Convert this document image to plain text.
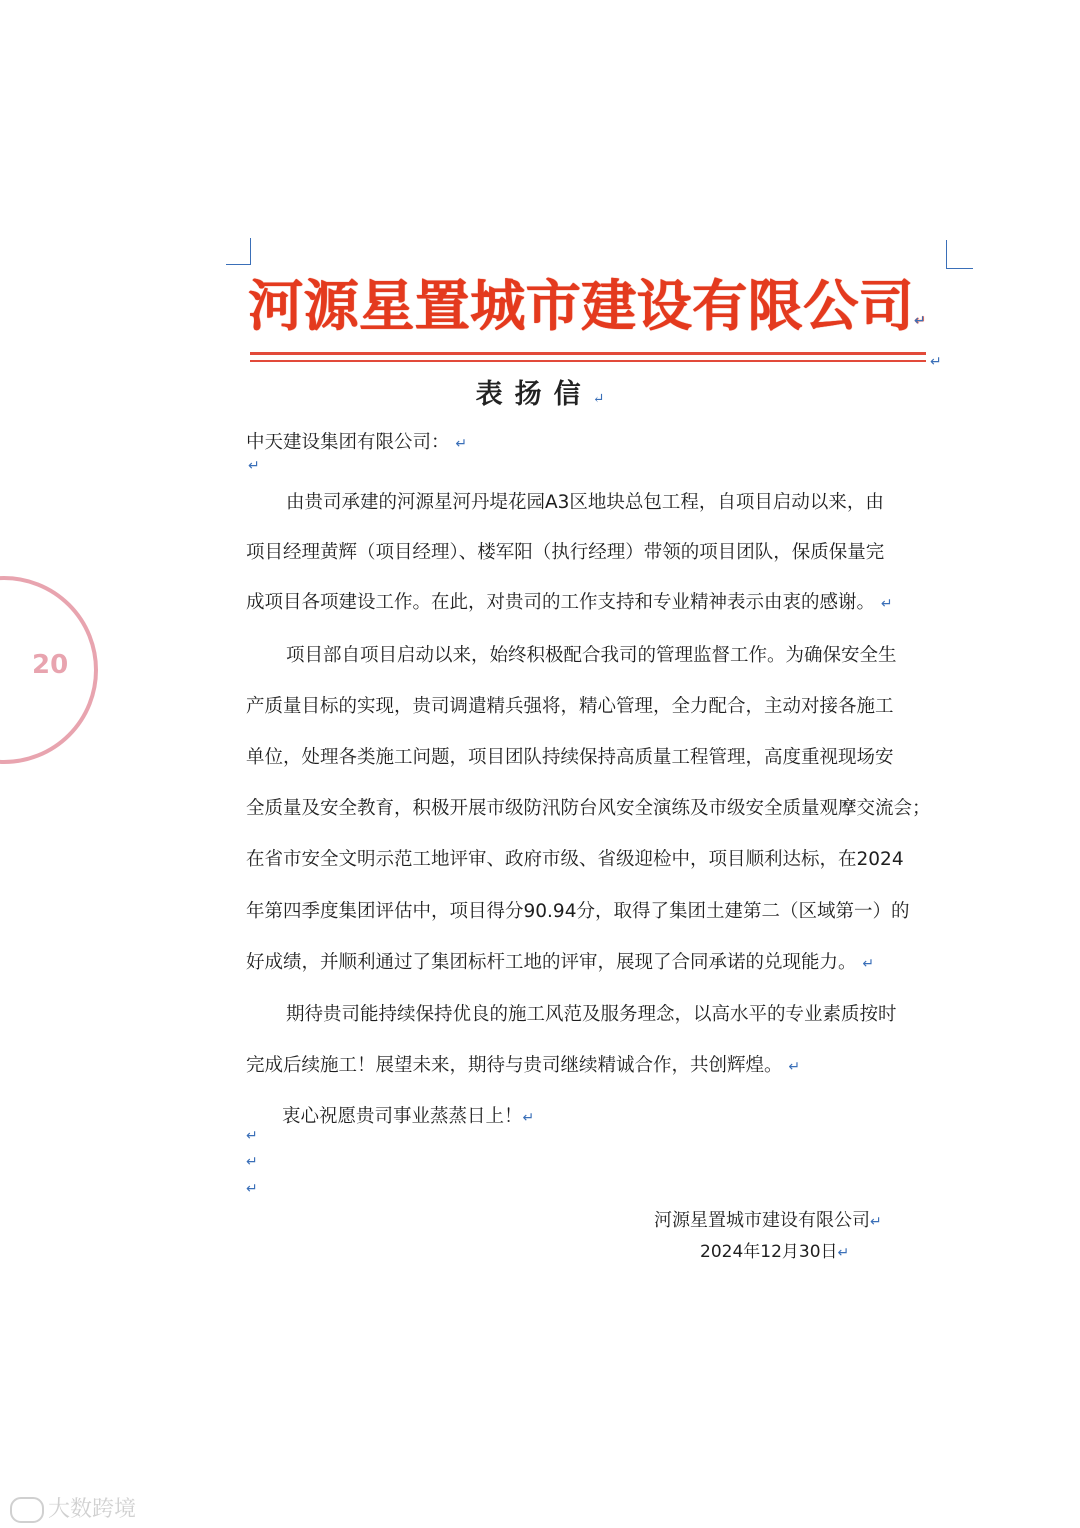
河源星置城市建设有限公司↵
↵
表扬信↵
中天建设集团有限公司： ↵
↵
由贵司承建的河源星河丹堤花园A3区地块总包工程，自项目启动以来，由
项目经理黄辉（项目经理）、楼军阳（执行经理）带领的项目团队，保质保量完
成项目各项建设工作。在此，对贵司的工作支持和专业精神表示由衷的感谢。 ↵
项目部自项目启动以来，始终积极配合我司的管理监督工作。为确保安全生
产质量目标的实现，贵司调遣精兵强将，精心管理，全力配合，主动对接各施工
单位，处理各类施工问题，项目团队持续保持高质量工程管理，高度重视现场安
全质量及安全教育，积极开展市级防汛防台风安全演练及市级安全质量观摩交流会；
在省市安全文明示范工地评审、政府市级、省级迎检中，项目顺利达标，在2024
年第四季度集团评估中，项目得分90.94分，取得了集团土建第二（区域第一）的
好成绩，并顺利通过了集团标杆工地的评审，展现了合同承诺的兑现能力。 ↵
期待贵司能持续保持优良的施工风范及服务理念，以高水平的专业素质按时
完成后续施工！展望未来，期待与贵司继续精诚合作，共创辉煌。 ↵
衷心祝愿贵司事业蒸蒸日上！↵
↵
↵
↵
河源星置城市建设有限公司↵
2024年12月30日↵
20
大数跨境
